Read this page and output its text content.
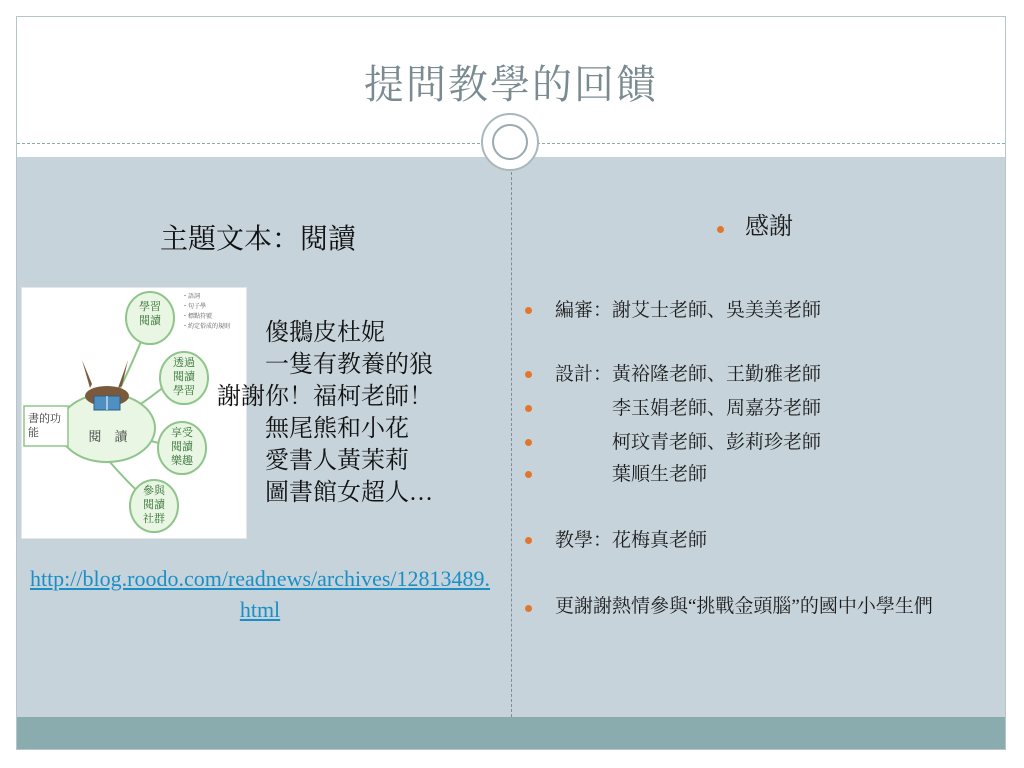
提問教學的回饋
主題文本：閱讀
閱　讀
書的功能
學習閱讀
透過閱讀學習
享受閱讀樂趣
參與閱讀社群
・語詞
・句子學
・標點符號
・約定俗成的規則	傻鵝皮杜妮
一隻有教養的狼
謝謝你！福柯老師！
無尾熊和小花
愛書人黃茉莉
圖書館女超人…
http://blog.roodo.com/readnews/archives/12813489.html
感謝
編審：謝艾士老師、吳美美老師
設計：黃裕隆老師、王勤雅老師
　　　李玉娟老師、周嘉芬老師
　　　柯玟青老師、彭莉珍老師
　　　葉順生老師
教學：花梅真老師
更謝謝熱情參與“挑戰金頭腦”的國中小學生們
